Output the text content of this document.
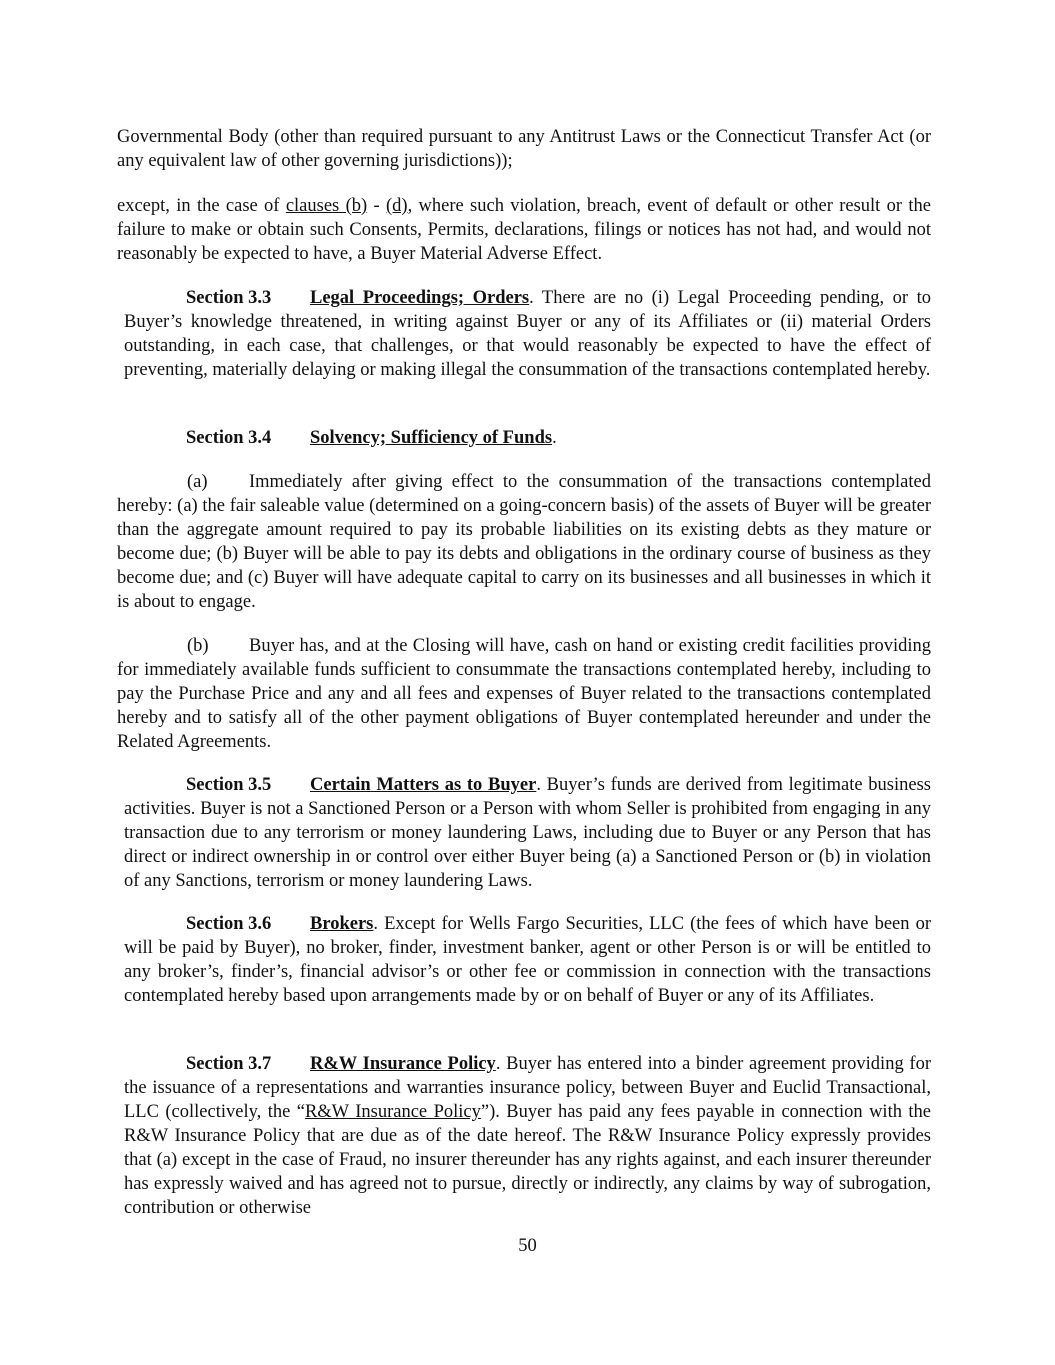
Governmental Body (other than required pursuant to any Antitrust Laws or the Connecticut Transfer Act (or any equivalent law of other governing jurisdictions));

except, in the case of clauses (b) - (d), where such violation, breach, event of default or other result or the failure to make or obtain such Consents, Permits, declarations, filings or notices has not had, and would not reasonably be expected to have, a Buyer Material Adverse Effect.

Section 3.3 Legal Proceedings; Orders. There are no (i) Legal Proceeding pending, or to Buyer’s knowledge threatened, in writing against Buyer or any of its Affiliates or (ii) material Orders outstanding, in each case, that challenges, or that would reasonably be expected to have the effect of preventing, materially delaying or making illegal the consummation of the transactions contemplated hereby.

Section 3.4 Solvency; Sufficiency of Funds.

(a) Immediately after giving effect to the consummation of the transactions contemplated hereby: (a) the fair saleable value (determined on a going-concern basis) of the assets of Buyer will be greater than the aggregate amount required to pay its probable liabilities on its existing debts as they mature or become due; (b) Buyer will be able to pay its debts and obligations in the ordinary course of business as they become due; and (c) Buyer will have adequate capital to carry on its businesses and all businesses in which it is about to engage.

(b) Buyer has, and at the Closing will have, cash on hand or existing credit facilities providing for immediately available funds sufficient to consummate the transactions contemplated hereby, including to pay the Purchase Price and any and all fees and expenses of Buyer related to the transactions contemplated hereby and to satisfy all of the other payment obligations of Buyer contemplated hereunder and under the Related Agreements.

Section 3.5 Certain Matters as to Buyer. Buyer’s funds are derived from legitimate business activities. Buyer is not a Sanctioned Person or a Person with whom Seller is prohibited from engaging in any transaction due to any terrorism or money laundering Laws, including due to Buyer or any Person that has direct or indirect ownership in or control over either Buyer being (a) a Sanctioned Person or (b) in violation of any Sanctions, terrorism or money laundering Laws.

Section 3.6 Brokers. Except for Wells Fargo Securities, LLC (the fees of which have been or will be paid by Buyer), no broker, finder, investment banker, agent or other Person is or will be entitled to any broker’s, finder’s, financial advisor’s or other fee or commission in connection with the transactions contemplated hereby based upon arrangements made by or on behalf of Buyer or any of its Affiliates.

Section 3.7 R&W Insurance Policy. Buyer has entered into a binder agreement providing for the issuance of a representations and warranties insurance policy, between Buyer and Euclid Transactional, LLC (collectively, the “R&W Insurance Policy”). Buyer has paid any fees payable in connection with the R&W Insurance Policy that are due as of the date hereof. The R&W Insurance Policy expressly provides that (a) except in the case of Fraud, no insurer thereunder has any rights against, and each insurer thereunder has expressly waived and has agreed not to pursue, directly or indirectly, any claims by way of subrogation, contribution or otherwise

50
